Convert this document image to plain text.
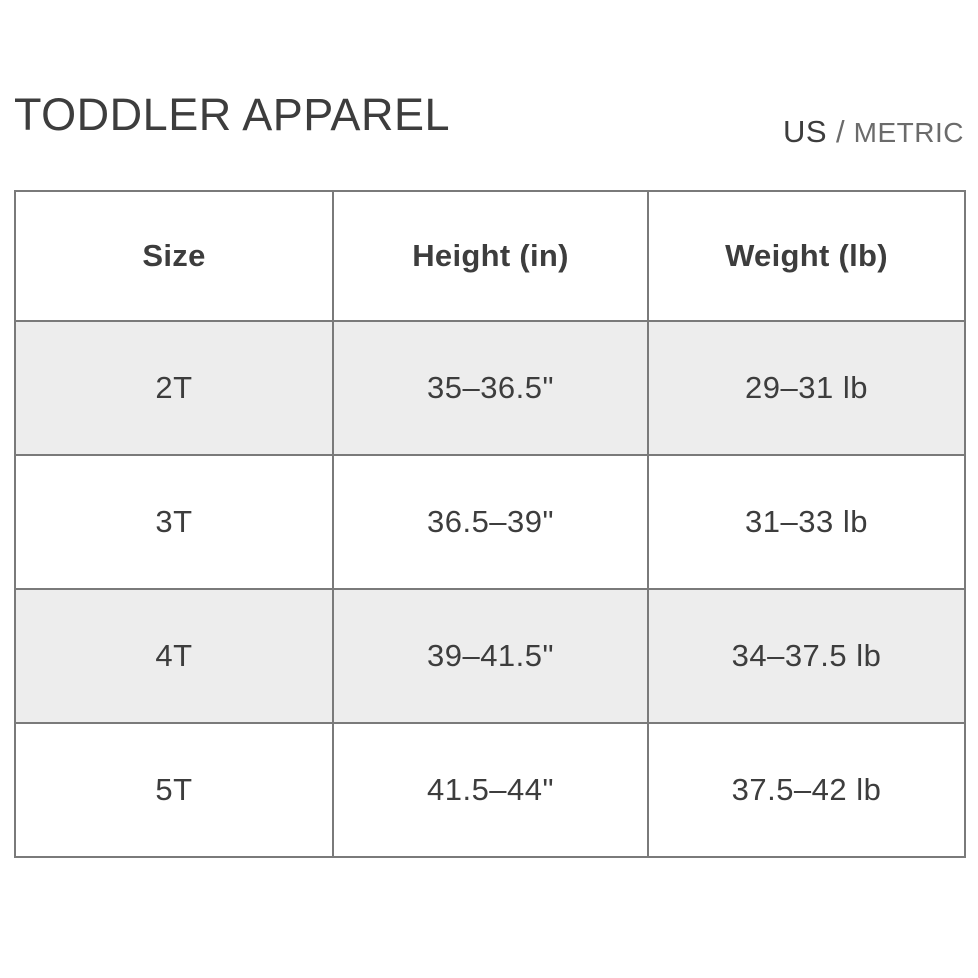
TODDLER APPAREL	US / METRIC
Size	Height (in)	Weight (lb)
2T	35–36.5"	29–31 lb
3T	36.5–39"	31–33 lb
4T	39–41.5"	34–37.5 lb
5T	41.5–44"	37.5–42 lb
